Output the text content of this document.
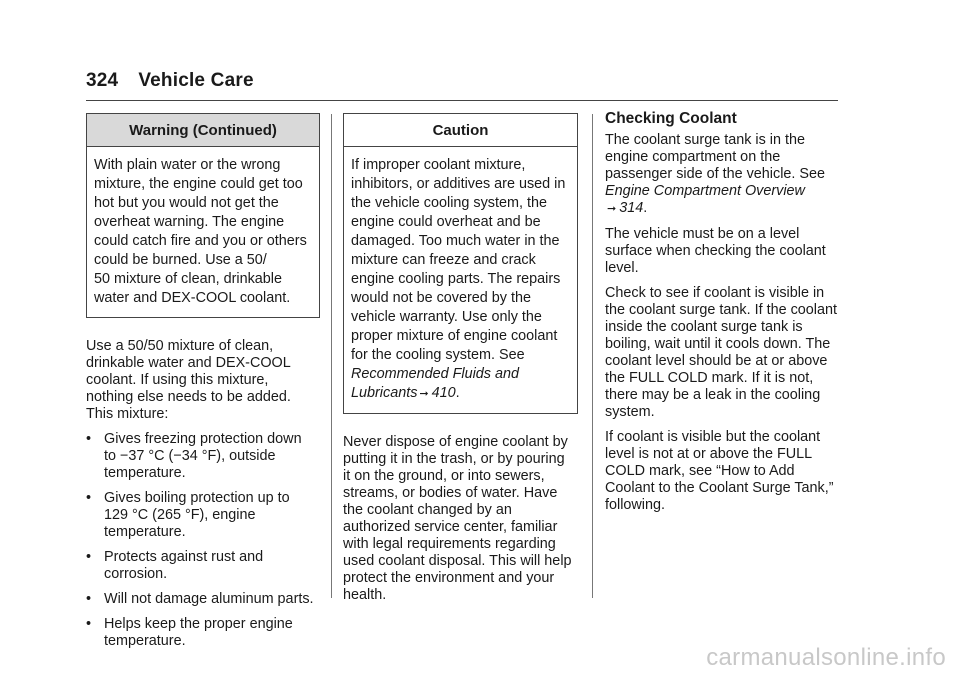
324 Vehicle Care
Warning (Continued)
With plain water or the wrong
mixture, the engine could get too
hot but you would not get the
overheat warning. The engine
could catch fire and you or others
could be burned. Use a 50/
50 mixture of clean, drinkable
water and DEX-COOL coolant.

Use a 50/50 mixture of clean,
drinkable water and DEX-COOL
coolant. If using this mixture,
nothing else needs to be added.
This mixture:

• Gives freezing protection down
to −37 °C (−34 °F), outside
temperature.
• Gives boiling protection up to
129 °C (265 °F), engine
temperature.
• Protects against rust and
corrosion.
• Will not damage aluminum parts.
• Helps keep the proper engine
temperature.
Caution
If improper coolant mixture,
inhibitors, or additives are used in
the vehicle cooling system, the
engine could overheat and be
damaged. Too much water in the
mixture can freeze and crack
engine cooling parts. The repairs
would not be covered by the
vehicle warranty. Use only the
proper mixture of engine coolant
for the cooling system. See
Recommended Fluids and
Lubricants ➞ 410.

Never dispose of engine coolant by
putting it in the trash, or by pouring
it on the ground, or into sewers,
streams, or bodies of water. Have
the coolant changed by an
authorized service center, familiar
with legal requirements regarding
used coolant disposal. This will help
protect the environment and your
health.

Checking Coolant

The coolant surge tank is in the
engine compartment on the
passenger side of the vehicle. See
Engine Compartment Overview
➞ 314.

The vehicle must be on a level
surface when checking the coolant
level.

Check to see if coolant is visible in
the coolant surge tank. If the coolant
inside the coolant surge tank is
boiling, wait until it cools down. The
coolant level should be at or above
the FULL COLD mark. If it is not,
there may be a leak in the cooling
system.

If coolant is visible but the coolant
level is not at or above the FULL
COLD mark, see “How to Add
Coolant to the Coolant Surge Tank,”
following.

carmanualsonline.info
